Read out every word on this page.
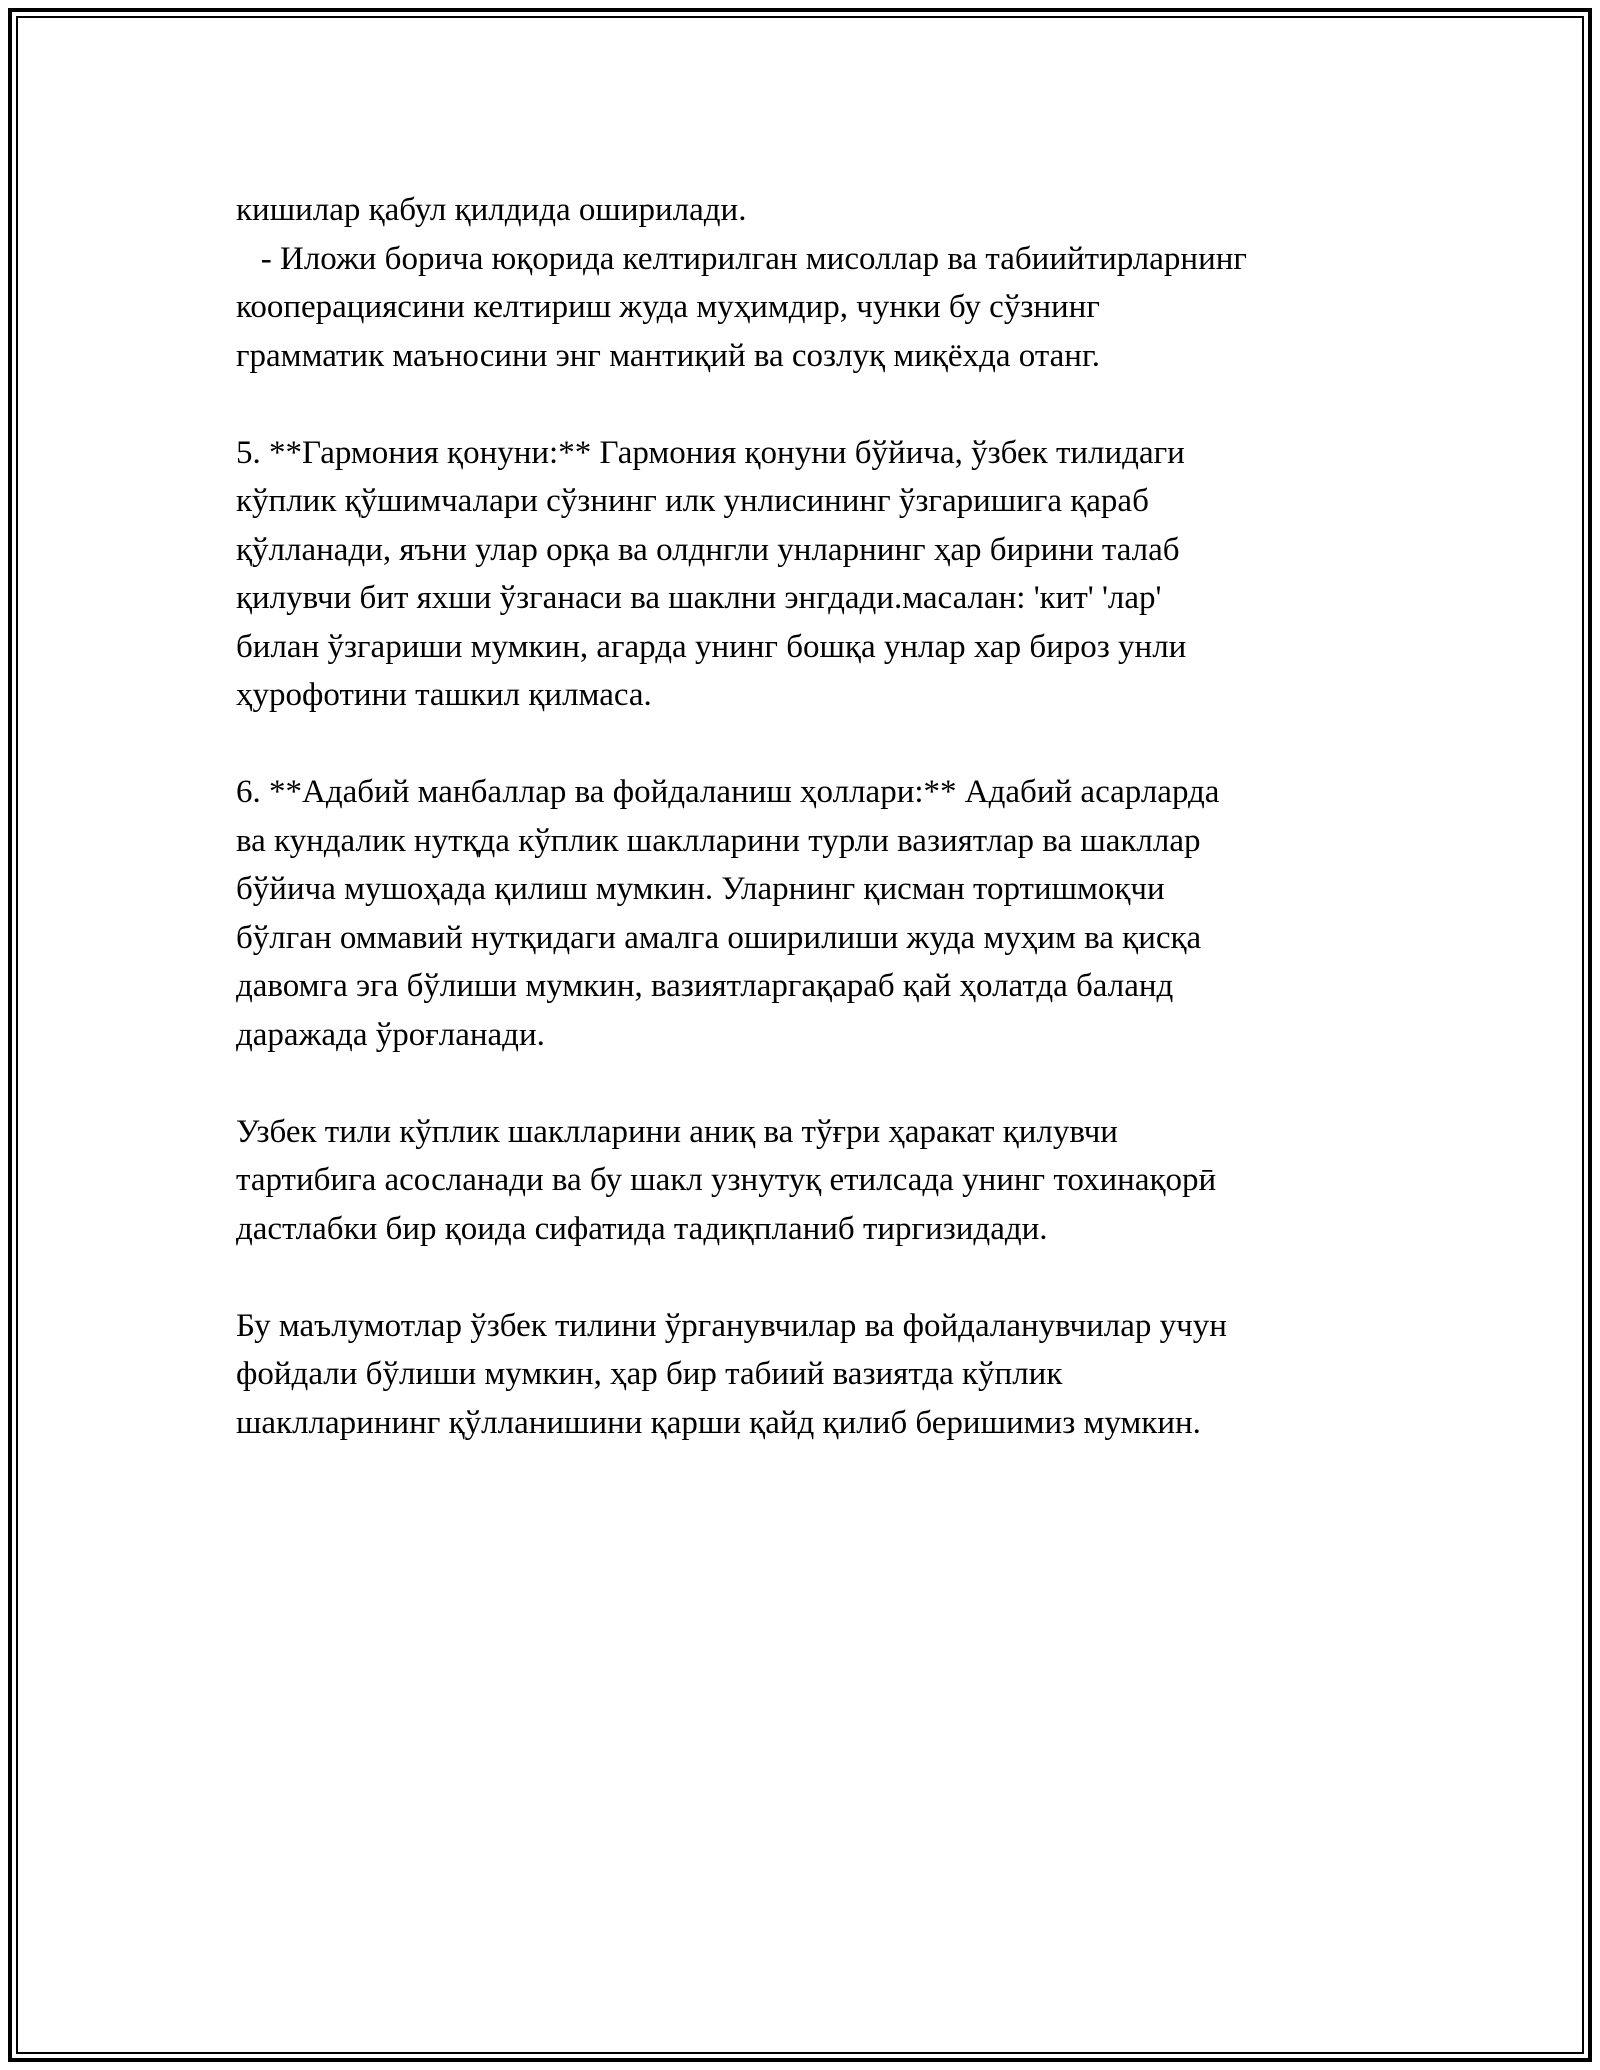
кишилар қабул қилдида оширилади.
- Иложи борича юқорида келтирилган мисоллар ва табиийтирларнинг
кооперациясини келтириш жуда муҳимдир, чунки бу сўзнинг
грамматик маъносини энг мантиқий ва созлуқ миқёхда отанг.
5. **Гармония қонуни:** Гармония қонуни бўйича, ўзбек тилидаги
кўплик қўшимчалари сўзнинг илк унлисининг ўзгаришига қараб
қўлланади, яъни улар орқа ва олднгли унларнинг ҳар бирини талаб
қилувчи бит яхши ўзганаси ва шаклни энгдади.масалан: 'кит' 'лар'
билан ўзгариши мумкин, агарда унинг бошқа унлар хар бироз унли
ҳурофотини ташкил қилмаса.
6. **Адабий манбаллар ва фойдаланиш ҳоллари:** Адабий асарларда
ва кундалик нутқда кўплик шаклларини турли вазиятлар ва шакллар
бўйича мушоҳада қилиш мумкин. Уларнинг қисман тортишмоқчи
бўлган оммавий нутқидаги амалга оширилиши жуда муҳим ва қисқа
давомга эга бўлиши мумкин, вазиятларгақараб қай ҳолатда баланд
даражада ўроғланади.
Узбек тили кўплик шаклларини аниқ ва тўғри ҳаракат қилувчи
тартибига асосланади ва бу шакл узнутуқ етилсада унинг тохинақорӣ
дастлабки бир қоида сифатида тадиқпланиб тиргизидади.
Бу маълумотлар ўзбек тилини ўрганувчилар ва фойдаланувчилар учун
фойдали бўлиши мумкин, ҳар бир табиий вазиятда кўплик
шаклларининг қўлланишини қарши қайд қилиб беришимиз мумкин.
